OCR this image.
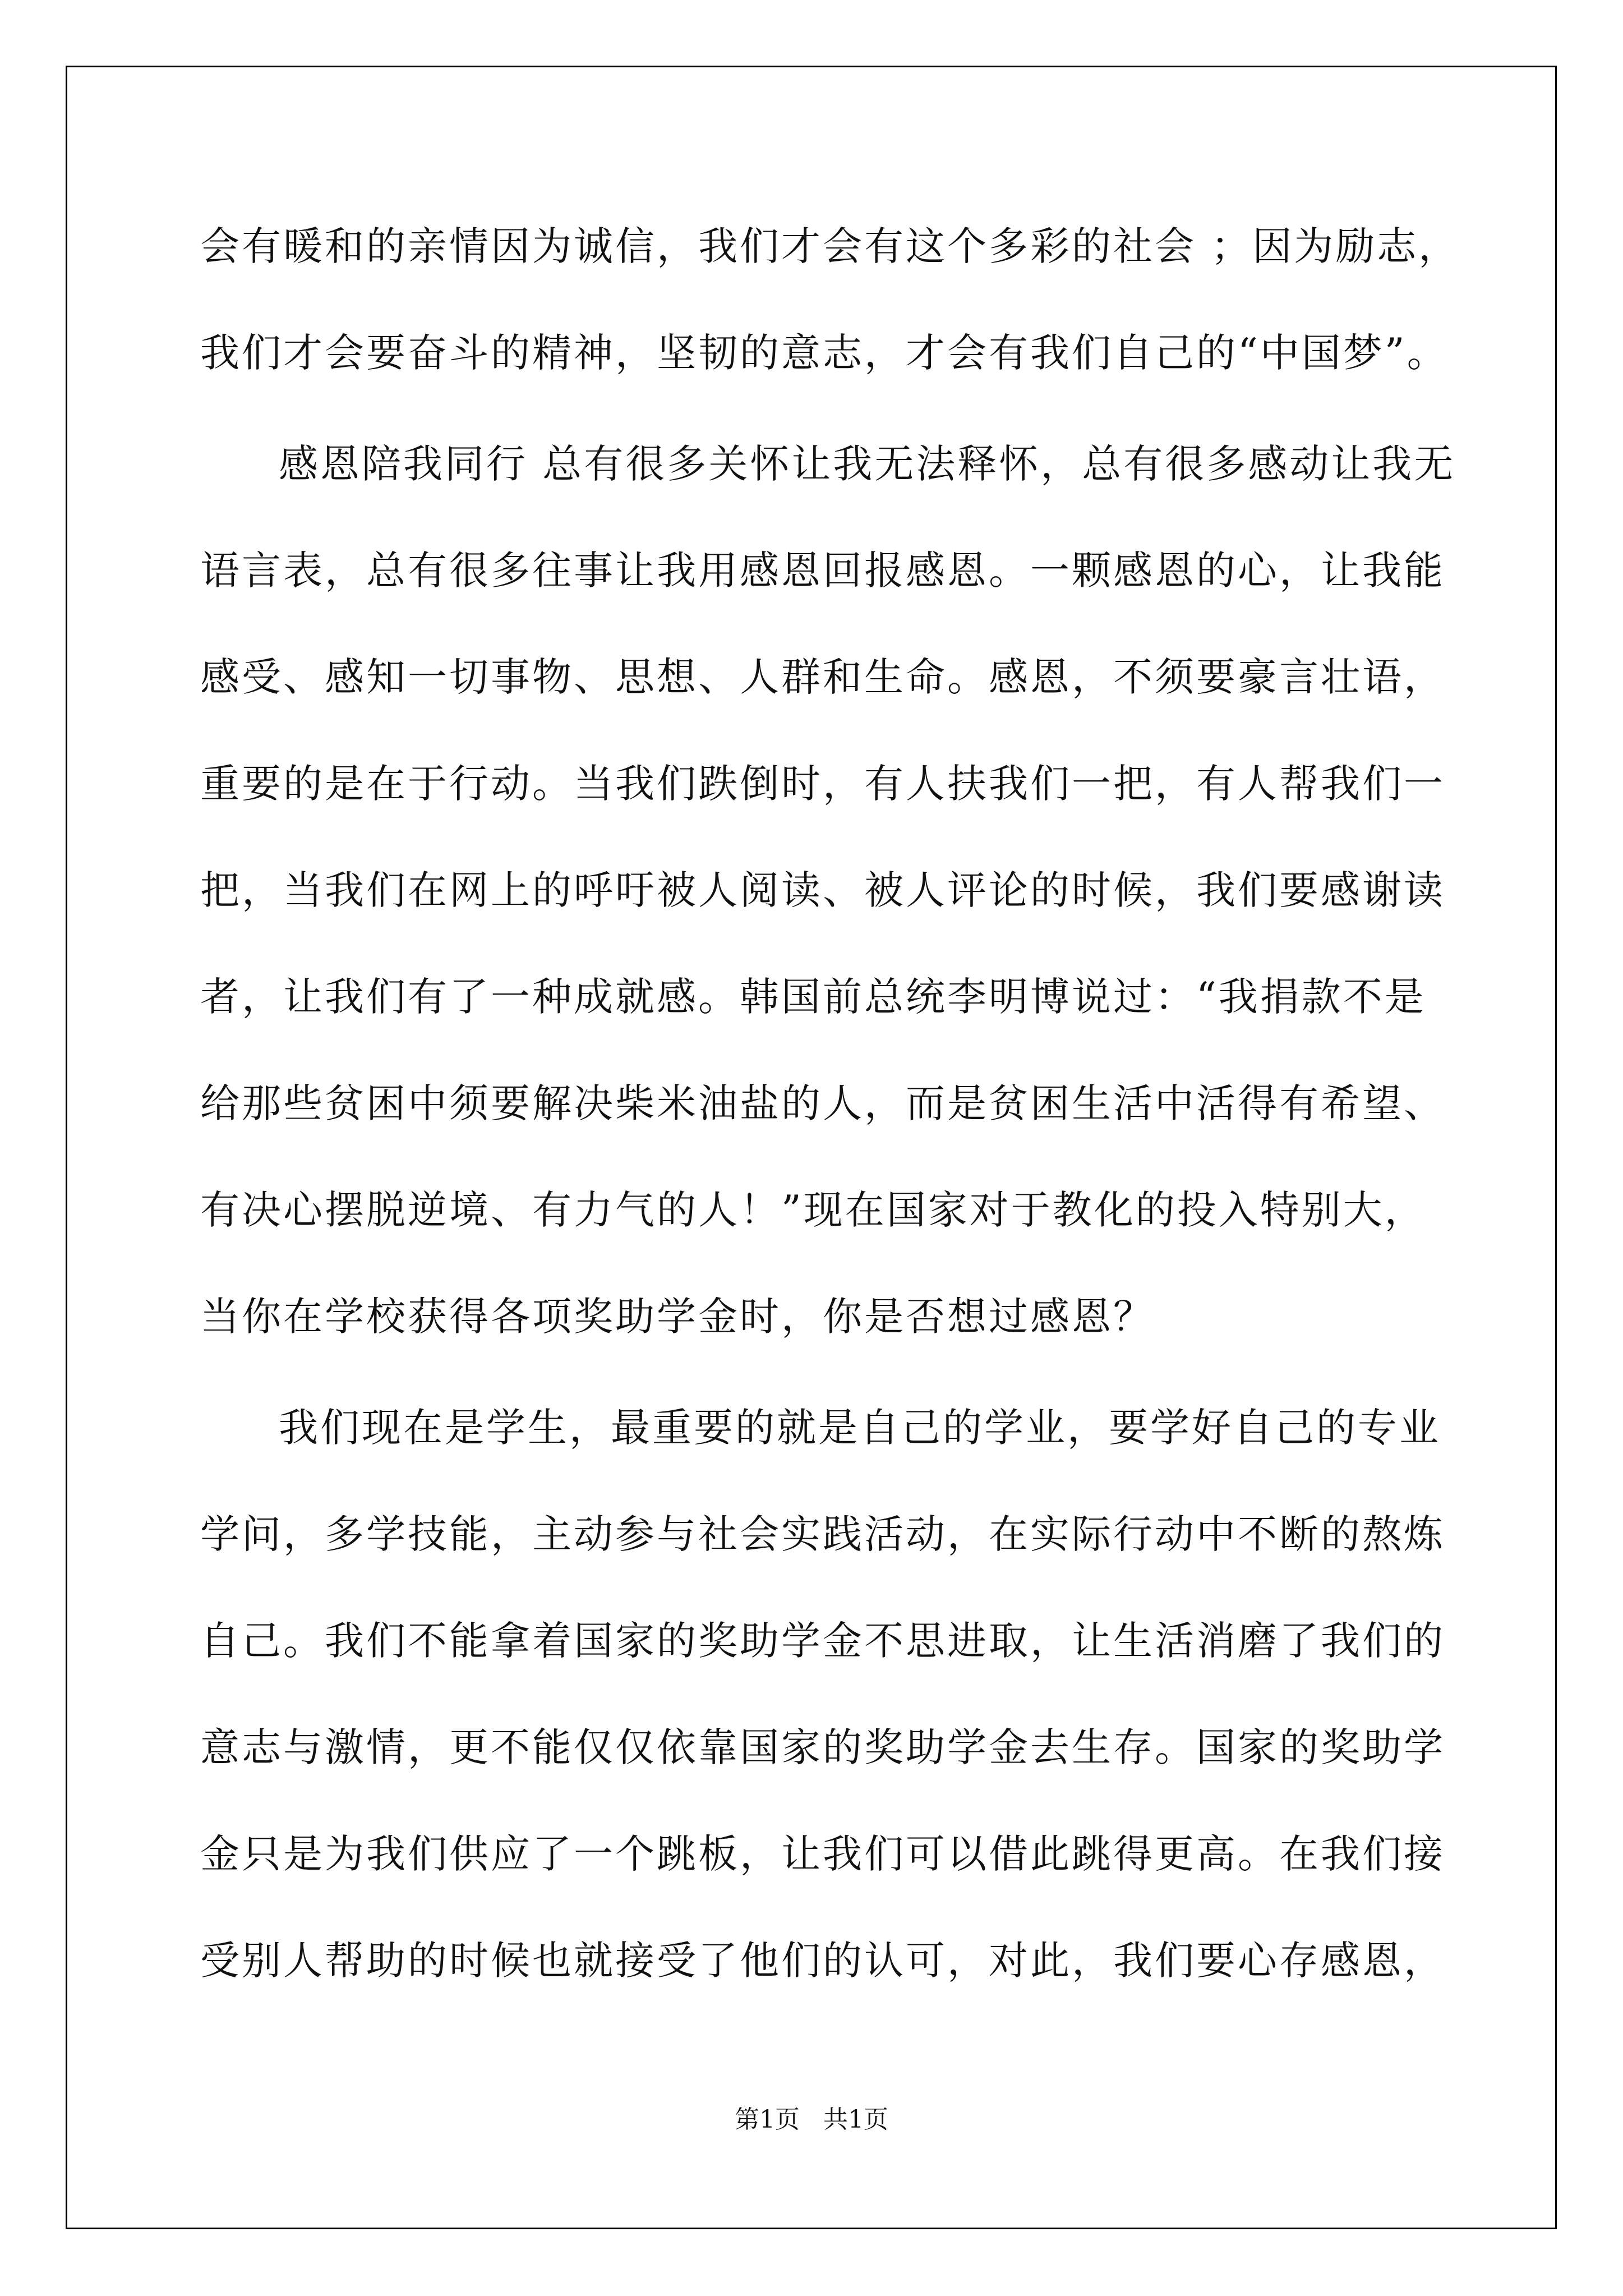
会有暖和的亲情因为诚信，我们才会有这个多彩的社会 ；因为励志，
我们才会要奋斗的精神，坚韧的意志，才会有我们自己的“中国梦”。
感恩陪我同行 总有很多关怀让我无法释怀，总有很多感动让我无
语言表，总有很多往事让我用感恩回报感恩。一颗感恩的心，让我能
感受、感知一切事物、思想、人群和生命。感恩，不须要豪言壮语，
重要的是在于行动。当我们跌倒时，有人扶我们一把，有人帮我们一
把，当我们在网上的呼吁被人阅读、被人评论的时候，我们要感谢读
者，让我们有了一种成就感。韩国前总统李明博说过：“我捐款不是
给那些贫困中须要解决柴米油盐的人，而是贫困生活中活得有希望、
有决心摆脱逆境、有力气的人！”现在国家对于教化的投入特别大，
当你在学校获得各项奖助学金时，你是否想过感恩？
我们现在是学生，最重要的就是自己的学业，要学好自己的专业
学问，多学技能，主动参与社会实践活动，在实际行动中不断的熬炼
自己。我们不能拿着国家的奖助学金不思进取，让生活消磨了我们的
意志与激情，更不能仅仅依靠国家的奖助学金去生存。国家的奖助学
金只是为我们供应了一个跳板，让我们可以借此跳得更高。在我们接
受别人帮助的时候也就接受了他们的认可，对此，我们要心存感恩，
第1页   共1页
